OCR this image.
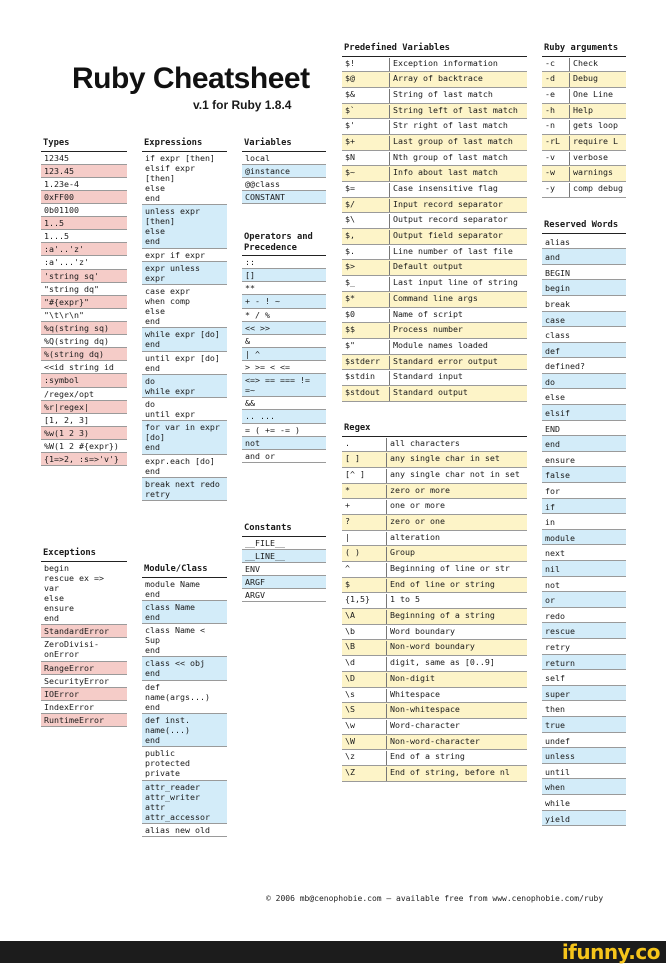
Ruby Cheatsheet
v.1 for Ruby 1.8.4
Types
12345
123.45
1.23e-4
0xFF00
0b01100
1..5
1...5
:a'..'z'
:a'...'z'
'string sq'
"string dq"
"#{expr}"
"\t\r\n"
%q(string sq)
%Q(string dq)
%(string dq)
<<id string id
:symbol
/regex/opt
%r|regex|
[1, 2, 3]
%w(1 2 3)
%W(1 2 #{expr})
{1=>2, :s=>'v'}
Exceptions
begin
rescue ex =>
var
else
ensure
end
StandardError
ZeroDivisi-
onError
RangeError
SecurityError
IOError
IndexError
RuntimeError
Expressions
if expr [then]
elsif expr
[then]
else
end
unless expr
[then]
else
end
expr if expr
expr unless
expr
case expr
when comp
else
end
while expr [do]
end
until expr [do]
end
do
while expr
do
until expr
for var in expr
[do]
end
expr.each [do]
end
break next redo
retry
Module/Class
module Name
end
class Name
end
class Name <
Sup
end
class << obj
end
def
name(args...)
end
def inst.
name(...)
end
public
protected
private
attr_reader
attr_writer
attr
attr_accessor
alias new old
Variables
local
@instance
@@class
CONSTANT
Operators and
Precedence
::
[]
**
+ - ! ~
* / %
<< >>
&
| ^
> >= < <=
<=> == === !=
=~
&&
.. ...
= ( += -= )
not
and or
Constants
__FILE__
__LINE__
ENV
ARGF
ARGV
Predefined Variables
$!	Exception information
$@	Array of backtrace
$&	String of last match
$`	String left of last match
$'	Str right of last match
$+	Last group of last match
$N	Nth group of last match
$~	Info about last match
$=	Case insensitive flag
$/	Input record separator
$\	Output record separator
$,	Output field separator
$.	Line number of last file
$>	Default output
$_	Last input line of string
$*	Command line args
$0	Name of script
$$	Process number
$"	Module names loaded
$stderr	Standard error output
$stdin	Standard input
$stdout	Standard output
Regex
.	all characters
[ ]	any single char in set
[^ ]	any single char not in set
*	zero or more
+	one or more
?	zero or one
|	alteration
( )	Group
^	Beginning of line or str
$	End of line or string
{1,5}	1 to 5
\A	Beginning of a string
\b	Word boundary
\B	Non-word boundary
\d	digit, same as [0..9]
\D	Non-digit
\s	Whitespace
\S	Non-whitespace
\w	Word-character
\W	Non-word-character
\z	End of a string
\Z	End of string, before nl
Ruby arguments
-c	Check
-d	Debug
-e	One Line
-h	Help
-n	gets loop
-rL	require L
-v	verbose
-w	warnings
-y	comp debug
Reserved Words
alias
and
BEGIN
begin
break
case
class
def
defined?
do
else
elsif
END
end
ensure
false
for
if
in
module
next
nil
not
or
redo
rescue
retry
return
self
super
then
true
undef
unless
until
when
while
yield
© 2006 mb@cenophobie.com — available free from www.cenophobie.com/ruby
ifunny.co
